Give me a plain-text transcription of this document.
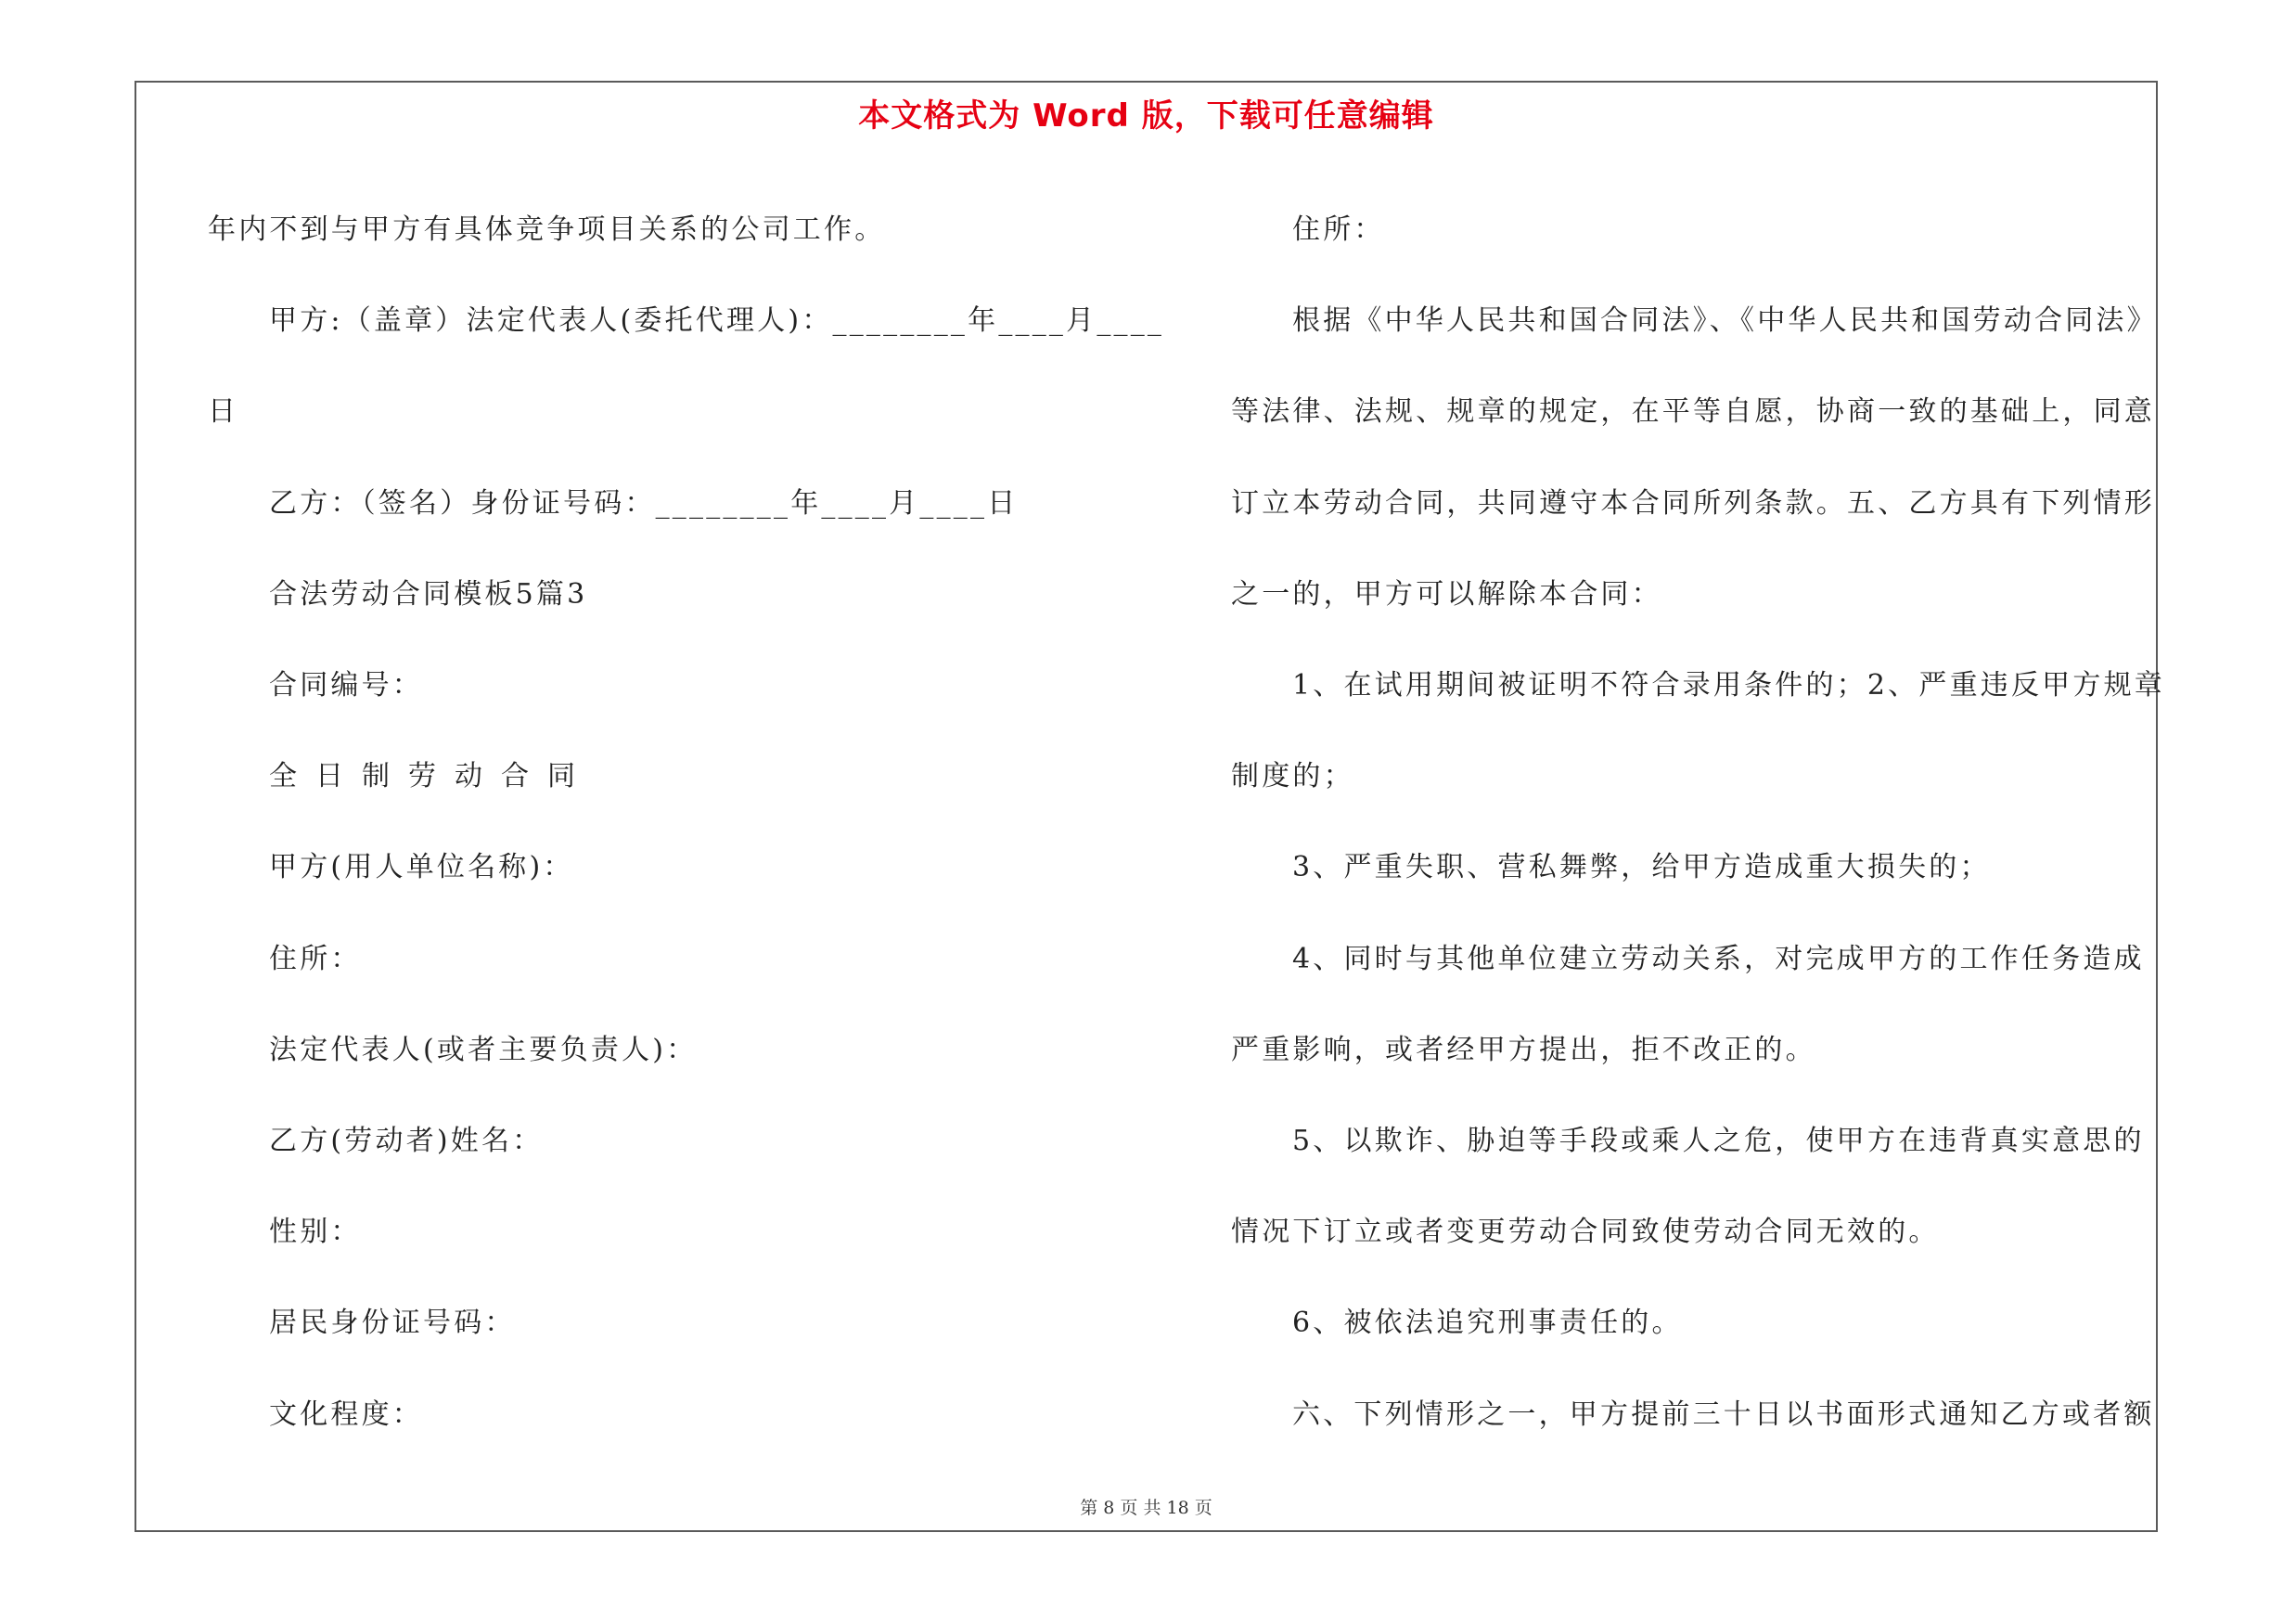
本文格式为 Word 版，下载可任意编辑

年内不到与甲方有具体竞争项目关系的公司工作。

甲方:（盖章）法定代表人(委托代理人)：________年____月____

日

乙方：（签名）身份证号码：________年____月____日

合法劳动合同模板5篇3

合同编号：

全日制劳动合同

甲方(用人单位名称)：

住所：

法定代表人(或者主要负责人)：

乙方(劳动者)姓名：

性别：

居民身份证号码：

文化程度：

住所：

根据《中华人民共和国合同法》、《中华人民共和国劳动合同法》

等法律、法规、规章的规定，在平等自愿，协商一致的基础上，同意

订立本劳动合同，共同遵守本合同所列条款。五、乙方具有下列情形

之一的，甲方可以解除本合同：

1、在试用期间被证明不符合录用条件的；2、严重违反甲方规章

制度的；

3、严重失职、营私舞弊，给甲方造成重大损失的；

4、同时与其他单位建立劳动关系，对完成甲方的工作任务造成

严重影响，或者经甲方提出，拒不改正的。

5、以欺诈、胁迫等手段或乘人之危，使甲方在违背真实意思的

情况下订立或者变更劳动合同致使劳动合同无效的。

6、被依法追究刑事责任的。

六、下列情形之一，甲方提前三十日以书面形式通知乙方或者额

第 8 页 共 18 页
